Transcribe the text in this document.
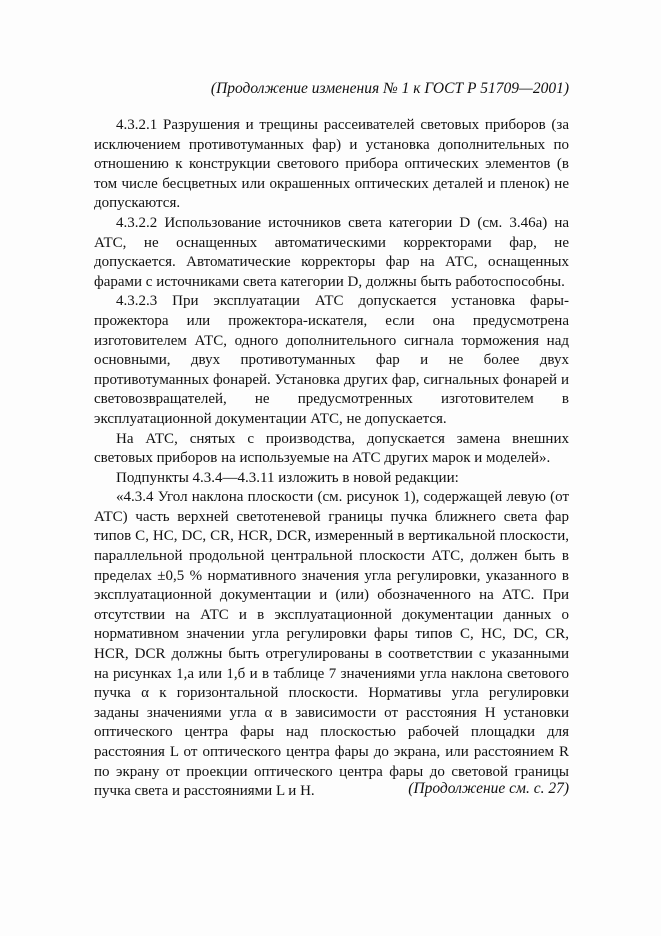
(Продолжение изменения № 1 к ГОСТ Р 51709—2001)

4.3.2.1 Разрушения и трещины рассеивателей световых приборов (за исключением противотуманных фар) и установка дополнительных по отношению к конструкции светового прибора оптических элементов (в том числе бесцветных или окрашенных оптических деталей и пленок) не допускаются.

4.3.2.2 Использование источников света категории D (см. 3.46а) на АТС, не оснащенных автоматическими корректорами фар, не допускается. Автоматические корректоры фар на АТС, оснащенных фарами с источниками света категории D, должны быть работоспособны.

4.3.2.3 При эксплуатации АТС допускается установка фары-прожектора или прожектора-искателя, если она предусмотрена изготовителем АТС, одного дополнительного сигнала торможения над основными, двух противотуманных фар и не более двух противотуманных фонарей. Установка других фар, сигнальных фонарей и световозвращателей, не предусмотренных изготовителем в эксплуатационной документации АТС, не допускается.

На АТС, снятых с производства, допускается замена внешних световых приборов на используемые на АТС других марок и моделей».

Подпункты 4.3.4—4.3.11 изложить в новой редакции:

«4.3.4 Угол наклона плоскости (см. рисунок 1), содержащей левую (от АТС) часть верхней светотеневой границы пучка ближнего света фар типов С, НС, DC, CR, HCR, DCR, измеренный в вертикальной плоскости, параллельной продольной центральной плоскости АТС, должен быть в пределах ±0,5 % нормативного значения угла регулировки, указанного в эксплуатационной документации и (или) обозначенного на АТС. При отсутствии на АТС и в эксплуатационной документации данных о нормативном значении угла регулировки фары типов С, НС, DC, CR, HCR, DCR должны быть отрегулированы в соответствии с указанными на рисунках 1,а или 1,б и в таблице 7 значениями угла наклона светового пучка α к горизонтальной плоскости. Нормативы угла регулировки заданы значениями угла α в зависимости от расстояния H установки оптического центра фары над плоскостью рабочей площадки для расстояния L от оптического центра фары до экрана, или расстоянием R по экрану от проекции оптического центра фары до световой границы пучка света и расстояниями L и H.	(Продолжение см. с. 27)
